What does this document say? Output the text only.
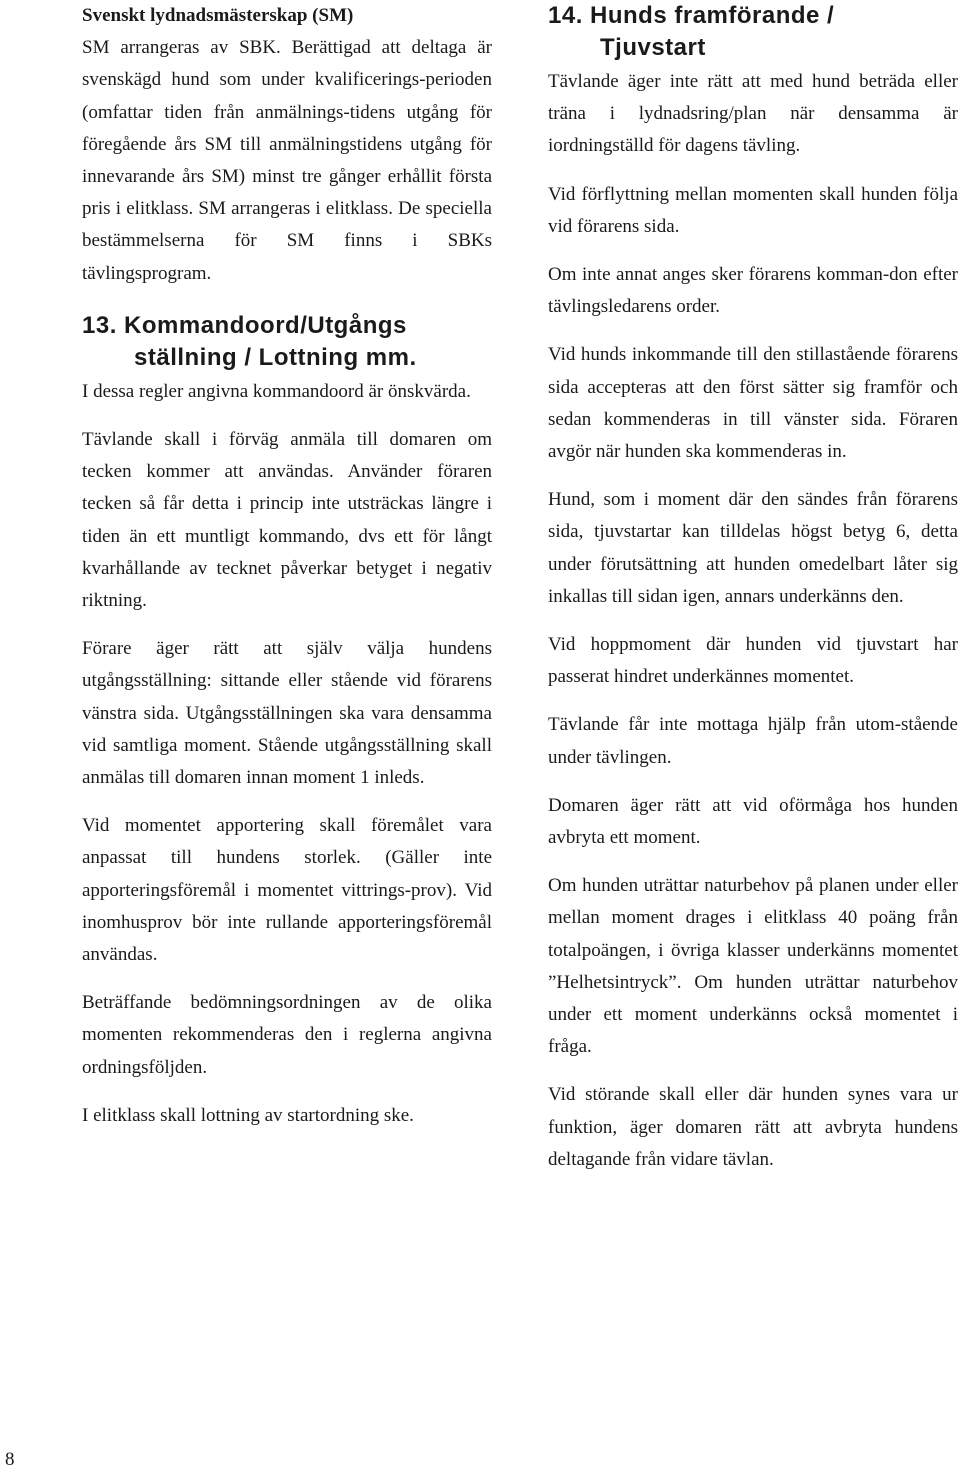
Svenskt lydnadsmästerskap (SM)
SM arrangeras av SBK. Berättigad att deltaga är svenskägd hund som under kvalificerings-perioden (omfattar tiden från anmälnings-tidens utgång för föregående års SM till anmälningstidens utgång för innevarande års SM) minst tre gånger erhållit första pris i elitklass. SM arrangeras i elitklass. De speciella bestämmelserna för SM finns i SBKs tävlingsprogram.

13. Kommandoord/Utgångs
ställning / Lottning mm.

I dessa regler angivna kommandoord är önskvärda.

Tävlande skall i förväg anmäla till domaren om tecken kommer att användas. Använder föraren tecken så får detta i princip inte utsträckas längre i tiden än ett muntligt kommando, dvs ett för långt kvarhållande av tecknet påverkar betyget i negativ riktning.

Förare äger rätt att själv välja hundens utgångsställning: sittande eller stående vid förarens vänstra sida. Utgångsställningen ska vara densamma vid samtliga moment. Stående utgångsställning skall anmälas till domaren innan moment 1 inleds.

Vid momentet apportering skall föremålet vara anpassat till hundens storlek. (Gäller inte apporteringsföremål i momentet vittrings-prov). Vid inomhusprov bör inte rullande apporteringsföremål användas.

Beträffande bedömningsordningen av de olika momenten rekommenderas den i reglerna angivna ordningsföljden.

I elitklass skall lottning av startordning ske.

14. Hunds framförande /
Tjuvstart

Tävlande äger inte rätt att med hund beträda eller träna i lydnadsring/plan när densamma är iordningställd för dagens tävling.

Vid förflyttning mellan momenten skall hunden följa vid förarens sida.

Om inte annat anges sker förarens komman-don efter tävlingsledarens order.

Vid hunds inkommande till den stillastående förarens sida accepteras att den först sätter sig framför och sedan kommenderas in till vänster sida. Föraren avgör när hunden ska kommenderas in.

Hund, som i moment där den sändes från förarens sida, tjuvstartar kan tilldelas högst betyg 6, detta under förutsättning att hunden omedelbart låter sig inkallas till sidan igen, annars underkänns den.

Vid hoppmoment där hunden vid tjuvstart har passerat hindret underkännes momentet.

Tävlande får inte mottaga hjälp från utom-stående under tävlingen.

Domaren äger rätt att vid oförmåga hos hunden avbryta ett moment.

Om hunden uträttar naturbehov på planen under eller mellan moment drages i elitklass 40 poäng från totalpoängen, i övriga klasser underkänns momentet ”Helhetsintryck”. Om hunden uträttar naturbehov under ett moment underkänns också momentet i fråga.

Vid störande skall eller där hunden synes vara ur funktion, äger domaren rätt att avbryta hundens deltagande från vidare tävlan.

8
